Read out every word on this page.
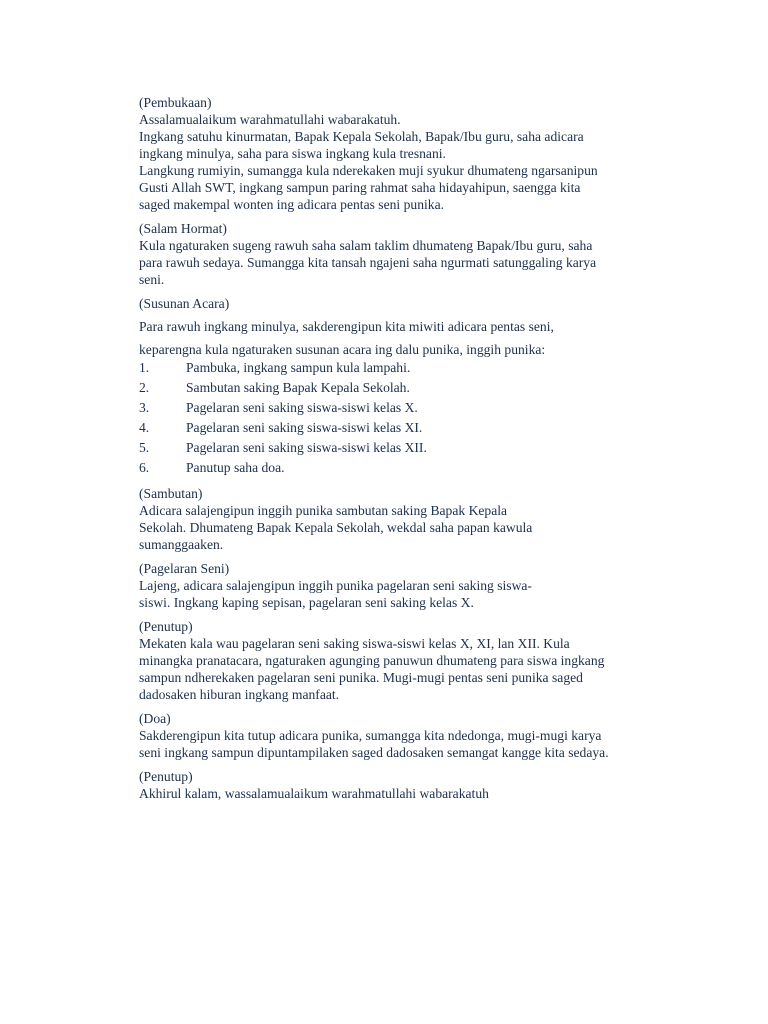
(Pembukaan)
Assalamualaikum warahmatullahi wabarakatuh.
Ingkang satuhu kinurmatan, Bapak Kepala Sekolah, Bapak/Ibu guru, saha adicara
ingkang minulya, saha para siswa ingkang kula tresnani.
Langkung rumiyin, sumangga kula nderekaken muji syukur dhumateng ngarsanipun
Gusti Allah SWT, ingkang sampun paring rahmat saha hidayahipun, saengga kita
saged makempal wonten ing adicara pentas seni punika.
(Salam Hormat)
Kula ngaturaken sugeng rawuh saha salam taklim dhumateng Bapak/Ibu guru, saha
para rawuh sedaya. Sumangga kita tansah ngajeni saha ngurmati satunggaling karya
seni.
(Susunan Acara)
Para rawuh ingkang minulya, sakderengipun kita miwiti adicara pentas seni,
keparengna kula ngaturaken susunan acara ing dalu punika, inggih punika:
1.	Pambuka, ingkang sampun kula lampahi.
2.	Sambutan saking Bapak Kepala Sekolah.
3.	Pagelaran seni saking siswa-siswi kelas X.
4.	Pagelaran seni saking siswa-siswi kelas XI.
5.	Pagelaran seni saking siswa-siswi kelas XII.
6.	Panutup saha doa.
(Sambutan)
Adicara salajengipun inggih punika sambutan saking Bapak Kepala
Sekolah. Dhumateng Bapak Kepala Sekolah, wekdal saha papan kawula
sumanggaaken.
(Pagelaran Seni)
Lajeng, adicara salajengipun inggih punika pagelaran seni saking siswa-
siswi. Ingkang kaping sepisan, pagelaran seni saking kelas X.
(Penutup)
Mekaten kala wau pagelaran seni saking siswa-siswi kelas X, XI, lan XII. Kula
minangka pranatacara, ngaturaken agunging panuwun dhumateng para siswa ingkang
sampun ndherekaken pagelaran seni punika. Mugi-mugi pentas seni punika saged
dadosaken hiburan ingkang manfaat.
(Doa)
Sakderengipun kita tutup adicara punika, sumangga kita ndedonga, mugi-mugi karya
seni ingkang sampun dipuntampilaken saged dadosaken semangat kangge kita sedaya.
(Penutup)
Akhirul kalam, wassalamualaikum warahmatullahi wabarakatuh
